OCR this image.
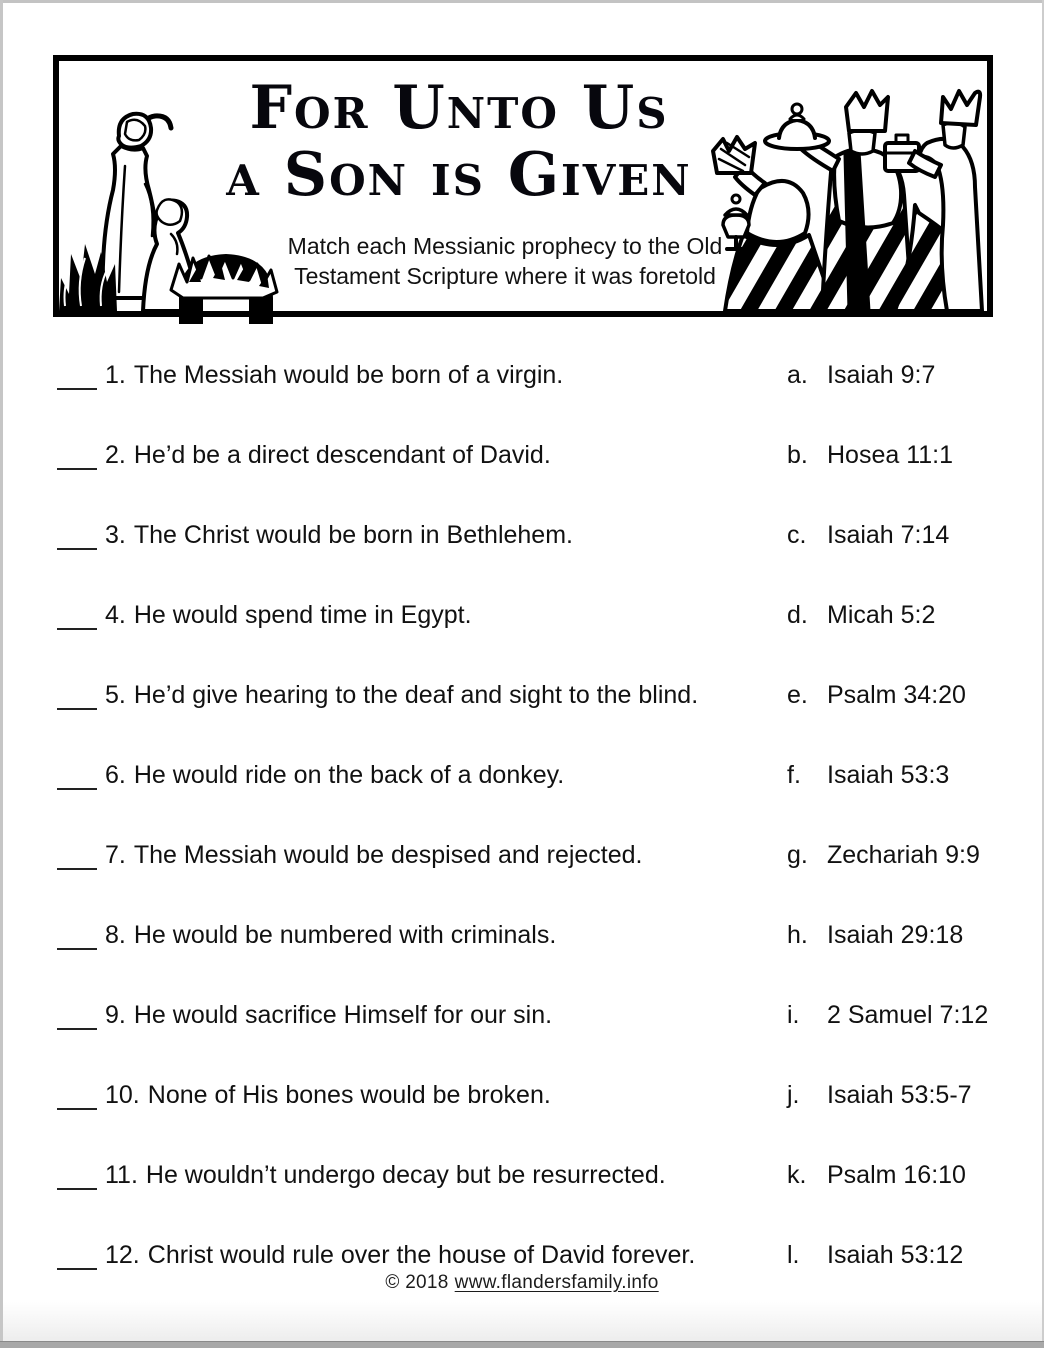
For Unto Us
a Son is Given
Match each Messianic prophecy to the Old
Testament Scripture where it was foretold
1. The Messiah would be born of a virgin.	a. Isaiah 9:7
2. He’d be a direct descendant of David.	b. Hosea 11:1
3. The Christ would be born in Bethlehem.	c. Isaiah 7:14
4. He would spend time in Egypt.	d. Micah 5:2
5. He’d give hearing to the deaf and sight to the blind.	e. Psalm 34:20
6. He would ride on the back of a donkey.	f. Isaiah 53:3
7. The Messiah would be despised and rejected.	g. Zechariah 9:9
8. He would be numbered with criminals.	h. Isaiah 29:18
9. He would sacrifice Himself for our sin.	i. 2 Samuel 7:12
10. None of His bones would be broken.	j. Isaiah 53:5-7
11. He wouldn’t undergo decay but be resurrected.	k. Psalm 16:10
12. Christ would rule over the house of David forever.	l. Isaiah 53:12
© 2018 www.flandersfamily.info
